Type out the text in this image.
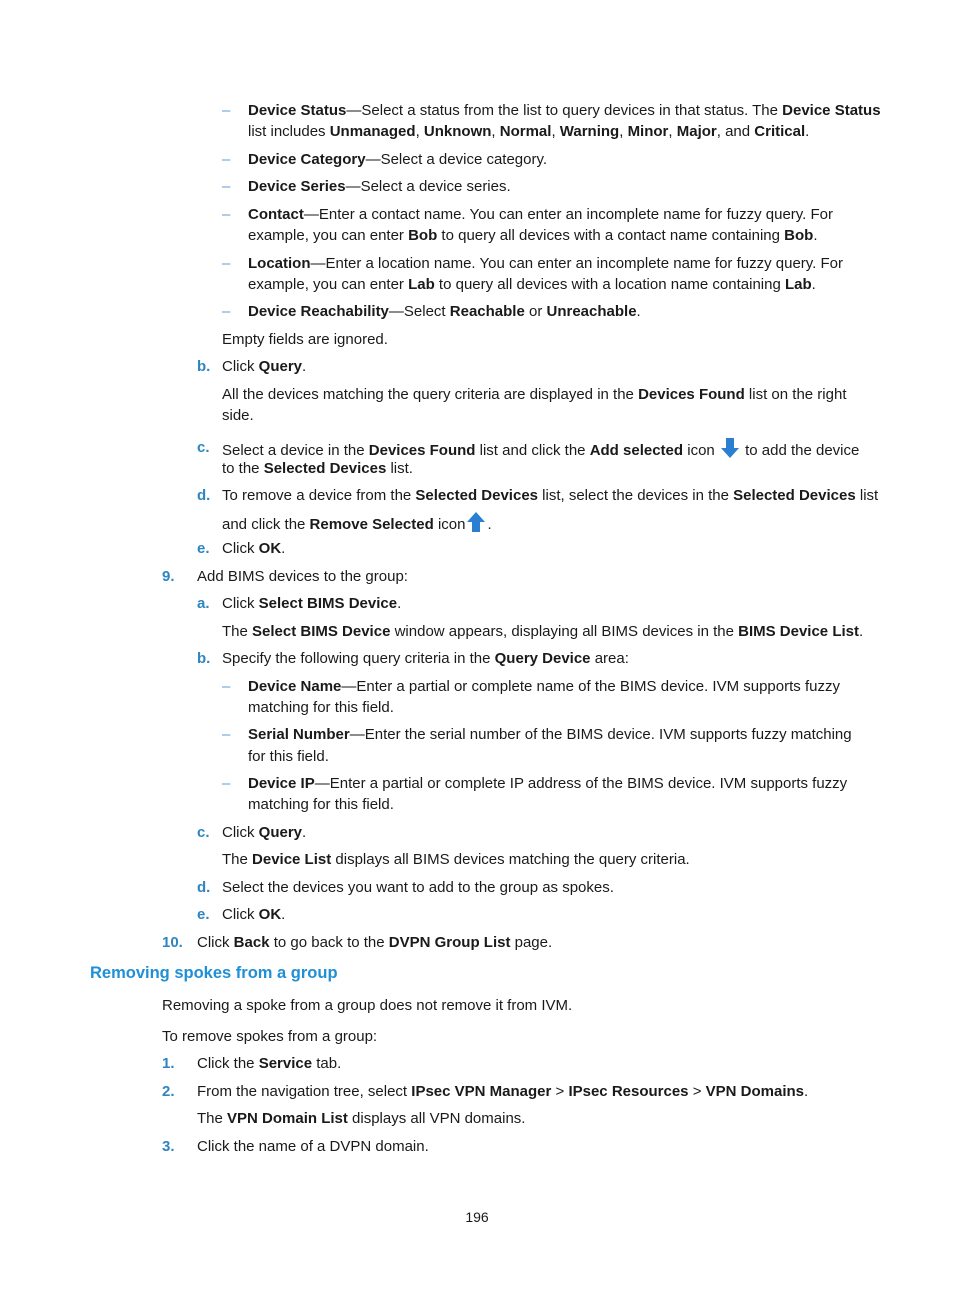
– Device Status—Select a status from the list to query devices in that status. The Device Status
list includes Unmanaged, Unknown, Normal, Warning, Minor, Major, and Critical.
– Device Category—Select a device category.
– Device Series—Select a device series.
– Contact—Enter a contact name. You can enter an incomplete name for fuzzy query. For
example, you can enter Bob to query all devices with a contact name containing Bob.
– Location—Enter a location name. You can enter an incomplete name for fuzzy query. For
example, you can enter Lab to query all devices with a location name containing Lab.
– Device Reachability—Select Reachable or Unreachable.
Empty fields are ignored.
b. Click Query.
All the devices matching the query criteria are displayed in the Devices Found list on the right
side.
c. Select a device in the Devices Found list and click the Add selected icon  to add the device
to the Selected Devices list.
d. To remove a device from the Selected Devices list, select the devices in the Selected Devices list
and click the Remove Selected icon .
e. Click OK.
9. Add BIMS devices to the group:
a. Click Select BIMS Device.
The Select BIMS Device window appears, displaying all BIMS devices in the BIMS Device List.
b. Specify the following query criteria in the Query Device area:
– Device Name—Enter a partial or complete name of the BIMS device. IVM supports fuzzy
matching for this field.
– Serial Number—Enter the serial number of the BIMS device. IVM supports fuzzy matching
for this field.
– Device IP—Enter a partial or complete IP address of the BIMS device. IVM supports fuzzy
matching for this field.
c. Click Query.
The Device List displays all BIMS devices matching the query criteria.
d. Select the devices you want to add to the group as spokes.
e. Click OK.
10. Click Back to go back to the DVPN Group List page.
Removing spokes from a group
Removing a spoke from a group does not remove it from IVM.
To remove spokes from a group:
1. Click the Service tab.
2. From the navigation tree, select IPsec VPN Manager > IPsec Resources > VPN Domains.
The VPN Domain List displays all VPN domains.
3. Click the name of a DVPN domain.
196
